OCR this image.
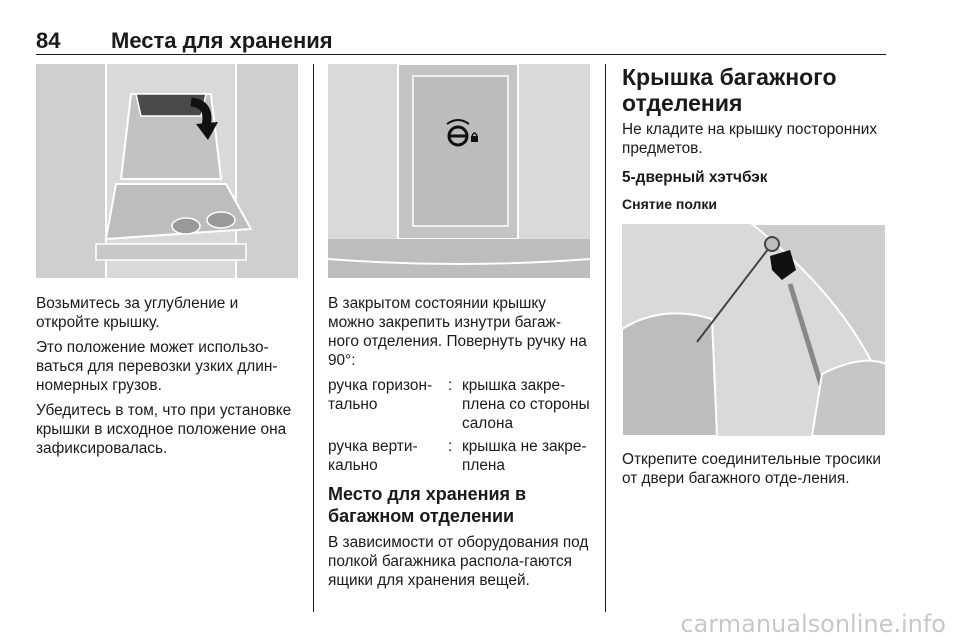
84 Места для хранения

Возьмитесь за углубление и откройте крышку.

Это положение может использо‐ваться для перевозки узких длин‐номерных грузов.

Убедитесь в том, что при установке крышки в исходное положение она зафиксировалась.

В закрытом состоянии крышку можно закрепить изнутри багаж‐ного отделения. Повернуть ручку на 90°:

ручка горизон‐тально
: крышка закре‐плена со стороны салона
ручка верти‐кально
: крышка не закре‐плена
Место для хранения в багажном отделении

В зависимости от оборудования под полкой багажника распола‐гаются ящики для хранения вещей.

Крышка багажного отделения

Не кладите на крышку посторонних предметов.

5-дверный хэтчбэк
Снятие полки

Открепите соединительные тросики от двери багажного отде‐ления.

carmanualsonline.info
